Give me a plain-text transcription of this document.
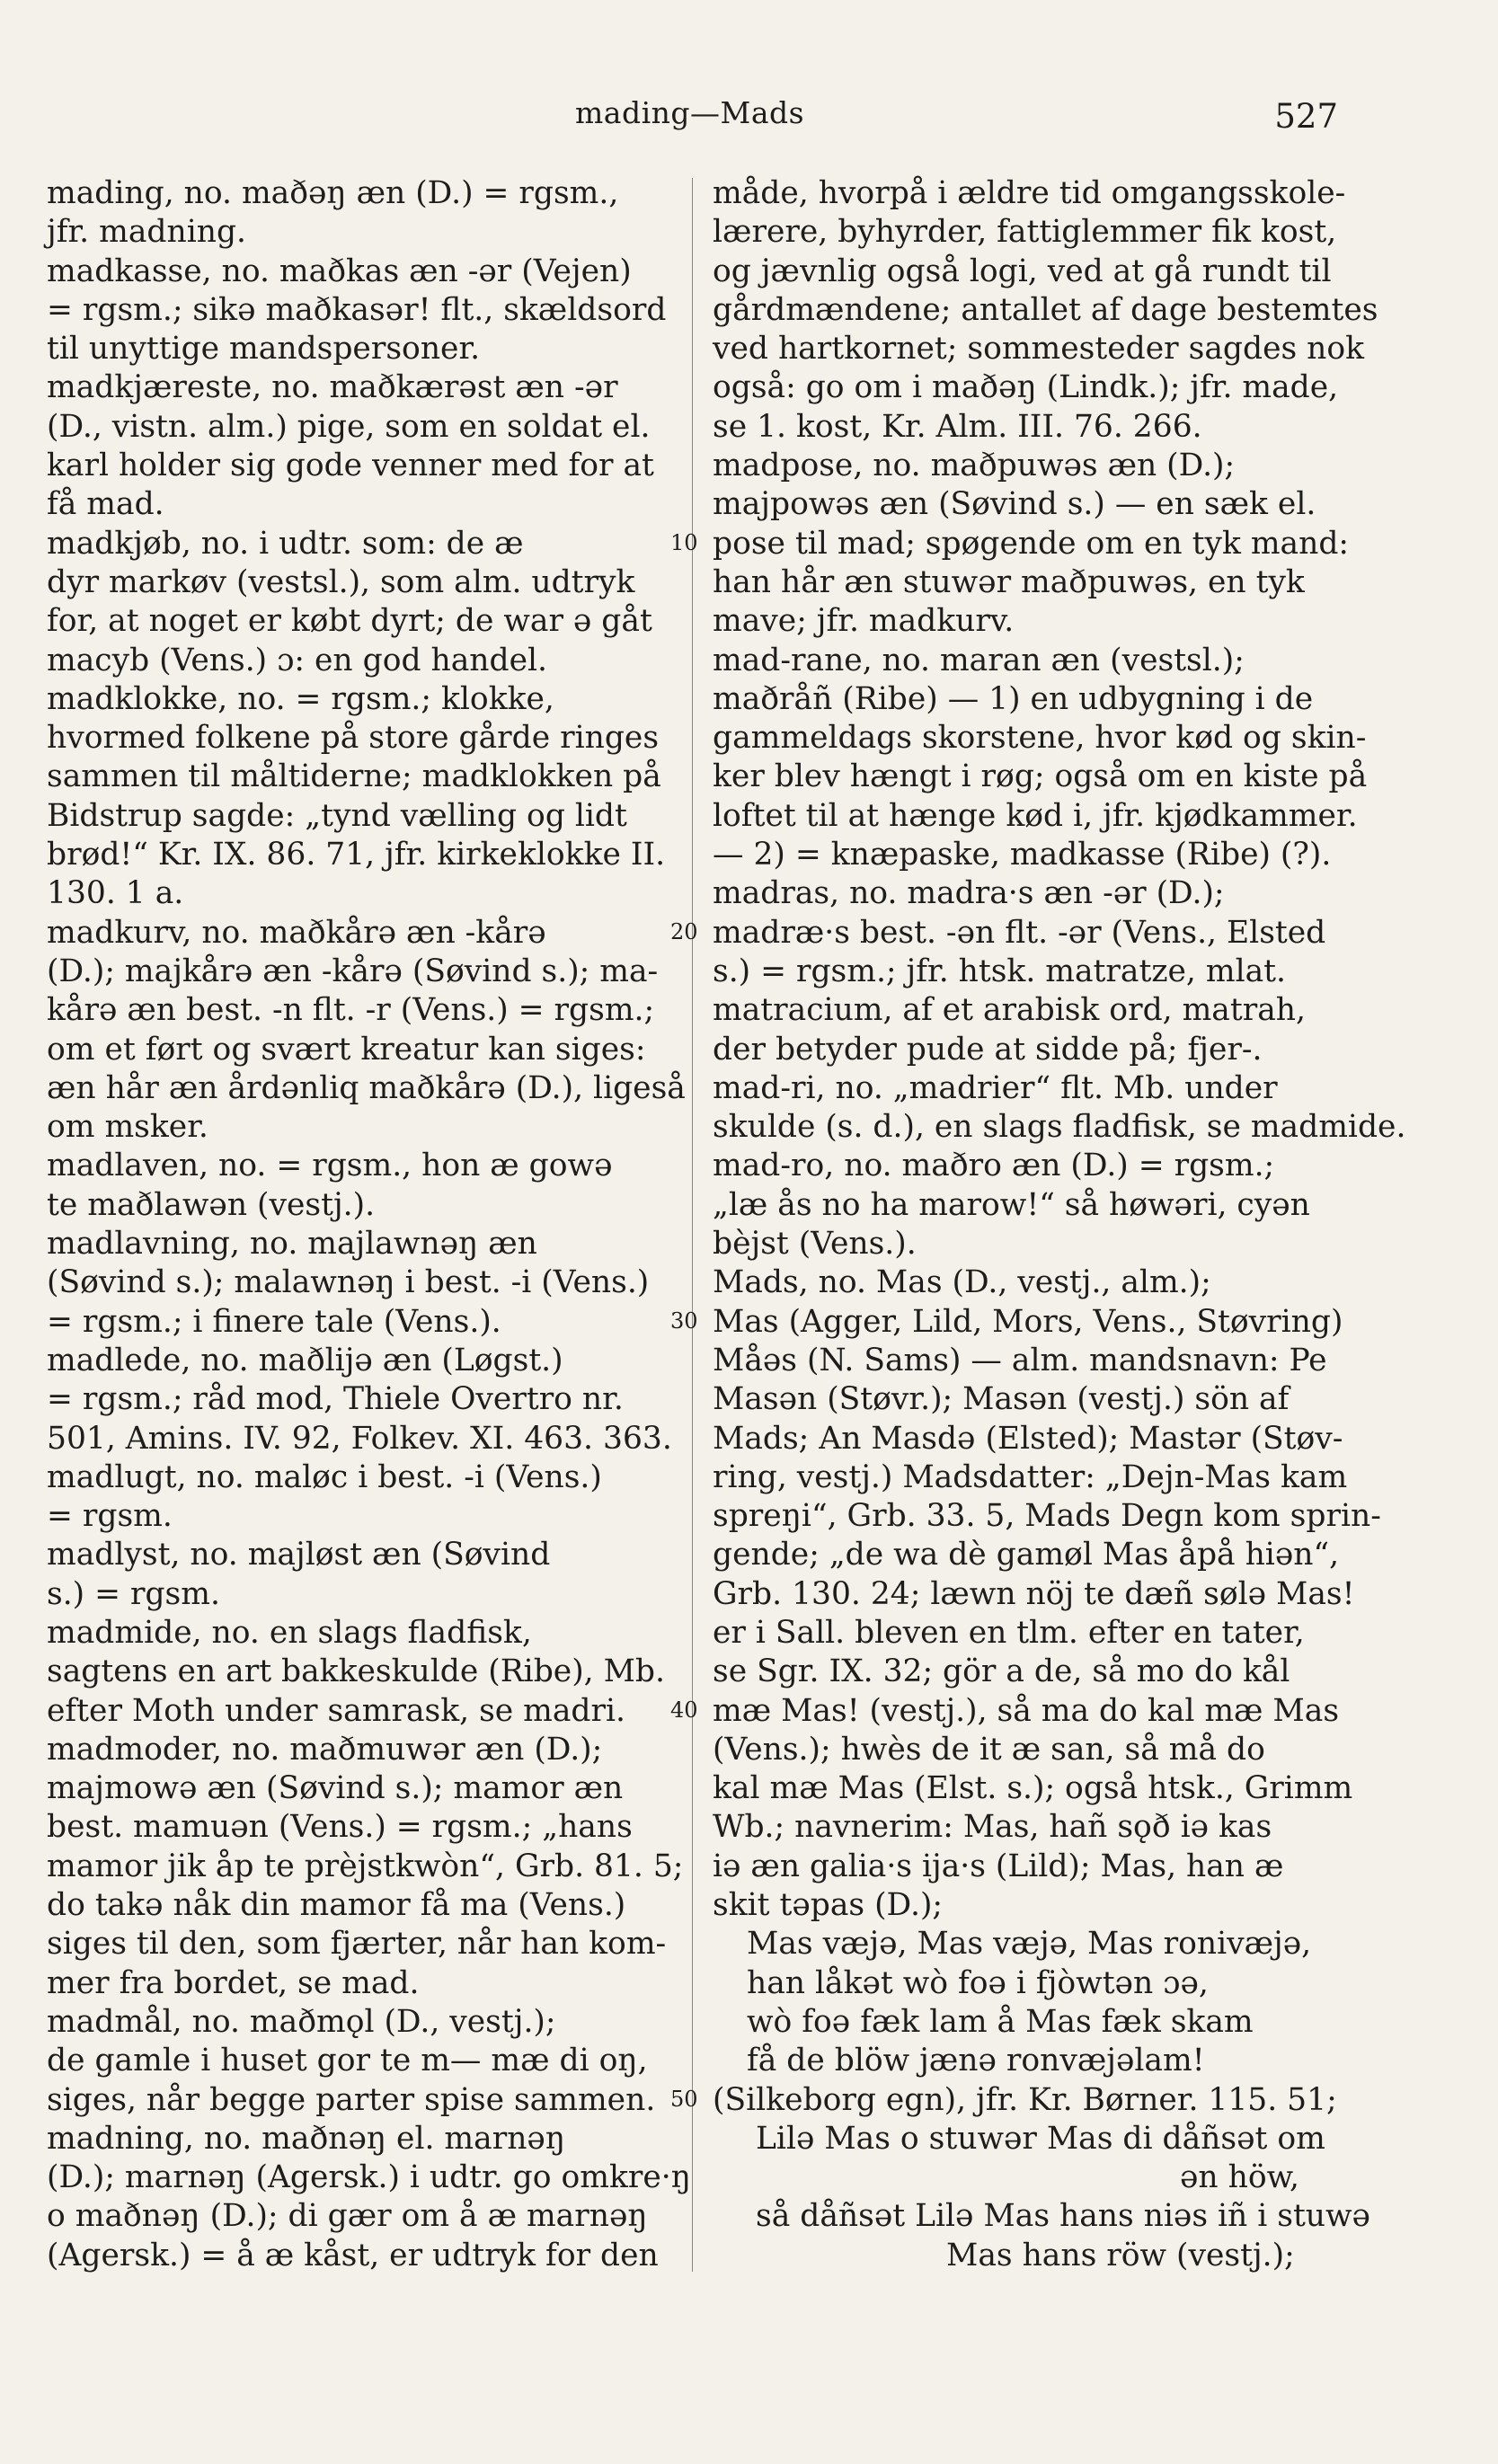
mading—Mads	527
10
20
30
40
50
mading, no. maðəŋ æn (D.) = rgsm.,
jfr. madning.
madkasse, no. maðkas æn -ər (Vejen)
= rgsm.; sikə maðkasər! flt., skældsord
til unyttige mandspersoner.
madkjæreste, no. maðkærəst æn -ər
(D., vistn. alm.) pige, som en soldat el.
karl holder sig gode venner med for at
få mad.
madkjøb, no. i udtr. som: de æ
dyr markøv (vestsl.), som alm. udtryk
for, at noget er købt dyrt; de war ə gåt
macyb (Vens.) ɔ: en god handel.
madklokke, no. = rgsm.; klokke,
hvormed folkene på store gårde ringes
sammen til måltiderne; madklokken på
Bidstrup sagde: „tynd vælling og lidt
brød!“ Kr. IX. 86. 71, jfr. kirkeklokke II.
130. 1 a.
madkurv, no. maðkårə æn -kårə
(D.); majkårə æn -kårə (Søvind s.); ma-
kårə æn best. -n flt. -r (Vens.) = rgsm.;
om et ført og svært kreatur kan siges:
æn hår æn årdənliq maðkårə (D.), ligeså
om msker.
madlaven, no. = rgsm., hon æ gowə
te maðlawən (vestj.).
madlavning, no. majlawnəŋ æn
(Søvind s.); malawnəŋ i best. -i (Vens.)
= rgsm.; i finere tale (Vens.).
madlede, no. maðlijə æn (Løgst.)
= rgsm.; råd mod, Thiele Overtro nr.
501, Amins. IV. 92, Folkev. XI. 463. 363.
madlugt, no. maløc i best. -i (Vens.)
= rgsm.
madlyst, no. majløst æn (Søvind
s.) = rgsm.
madmide, no. en slags fladfisk,
sagtens en art bakkeskulde (Ribe), Mb.
efter Moth under samrask, se madri.
madmoder, no. maðmuwər æn (D.);
majmowə æn (Søvind s.); mamor æn
best. mamuən (Vens.) = rgsm.; „hans
mamor jik åp te prèjstkwòn“, Grb. 81. 5;
do takə nåk din mamor få ma (Vens.)
siges til den, som fjærter, når han kom-
mer fra bordet, se mad.
madmål, no. maðmǫl (D., vestj.);
de gamle i huset gor te m— mæ di oŋ,
siges, når begge parter spise sammen.
madning, no. maðnəŋ el. marnəŋ
(D.); marnəŋ (Agersk.) i udtr. go omkre·ŋ
o maðnəŋ (D.); di gær om å æ marnəŋ
(Agersk.) = å æ kåst, er udtryk for den
måde, hvorpå i ældre tid omgangsskole-
lærere, byhyrder, fattiglemmer fik kost,
og jævnlig også logi, ved at gå rundt til
gårdmændene; antallet af dage bestemtes
ved hartkornet; sommesteder sagdes nok
også: go om i maðəŋ (Lindk.); jfr. made,
se 1. kost, Kr. Alm. III. 76. 266.
madpose, no. maðpuwəs æn (D.);
majpowəs æn (Søvind s.) — en sæk el.
pose til mad; spøgende om en tyk mand:
han hår æn stuwər maðpuwəs, en tyk
mave; jfr. madkurv.
mad-rane, no. maran æn (vestsl.);
maðråñ (Ribe) — 1) en udbygning i de
gammeldags skorstene, hvor kød og skin-
ker blev hængt i røg; også om en kiste på
loftet til at hænge kød i, jfr. kjødkammer.
— 2) = knæpaske, madkasse (Ribe) (?).
madras, no. madra·s æn -ər (D.);
madræ·s best. -ən flt. -ər (Vens., Elsted
s.) = rgsm.; jfr. htsk. matratze, mlat.
matracium, af et arabisk ord, matrah,
der betyder pude at sidde på; fjer-.
mad-ri, no. „madrier“ flt. Mb. under
skulde (s. d.), en slags fladfisk, se madmide.
mad-ro, no. maðro æn (D.) = rgsm.;
„læ ås no ha marow!“ så høwəri, cyən
bèjst (Vens.).
Mads, no. Mas (D., vestj., alm.);
Mas (Agger, Lild, Mors, Vens., Støvring)
Måəs (N. Sams) — alm. mandsnavn: Pe
Masən (Støvr.); Masən (vestj.) sön af
Mads; An Masdə (Elsted); Mastər (Støv-
ring, vestj.) Madsdatter: „Dejn-Mas kam
spreŋi“, Grb. 33. 5, Mads Degn kom sprin-
gende; „de wa dè gamøl Mas åpå hiən“,
Grb. 130. 24; læwn nöj te dæñ sølə Mas!
er i Sall. bleven en tlm. efter en tater,
se Sgr. IX. 32; gör a de, så mo do kål
mæ Mas! (vestj.), så ma do kal mæ Mas
(Vens.); hwès de it æ san, så må do
kal mæ Mas (Elst. s.); også htsk., Grimm
Wb.; navnerim: Mas, hañ sǫð iə kas
iə æn galia·s ija·s (Lild); Mas, han æ
skit təpas (D.);
Mas væjə, Mas væjə, Mas ronivæjə,
han låkət wò foə i fjòwtən ɔə,
wò foə fæk lam å Mas fæk skam
få de blöw jænə ronvæjəlam!
(Silkeborg egn), jfr. Kr. Børner. 115. 51;
Lilə Mas o stuwər Mas di dåñsət om
ən höw,
så dåñsət Lilə Mas hans niəs iñ i stuwə
Mas hans röw (vestj.);
